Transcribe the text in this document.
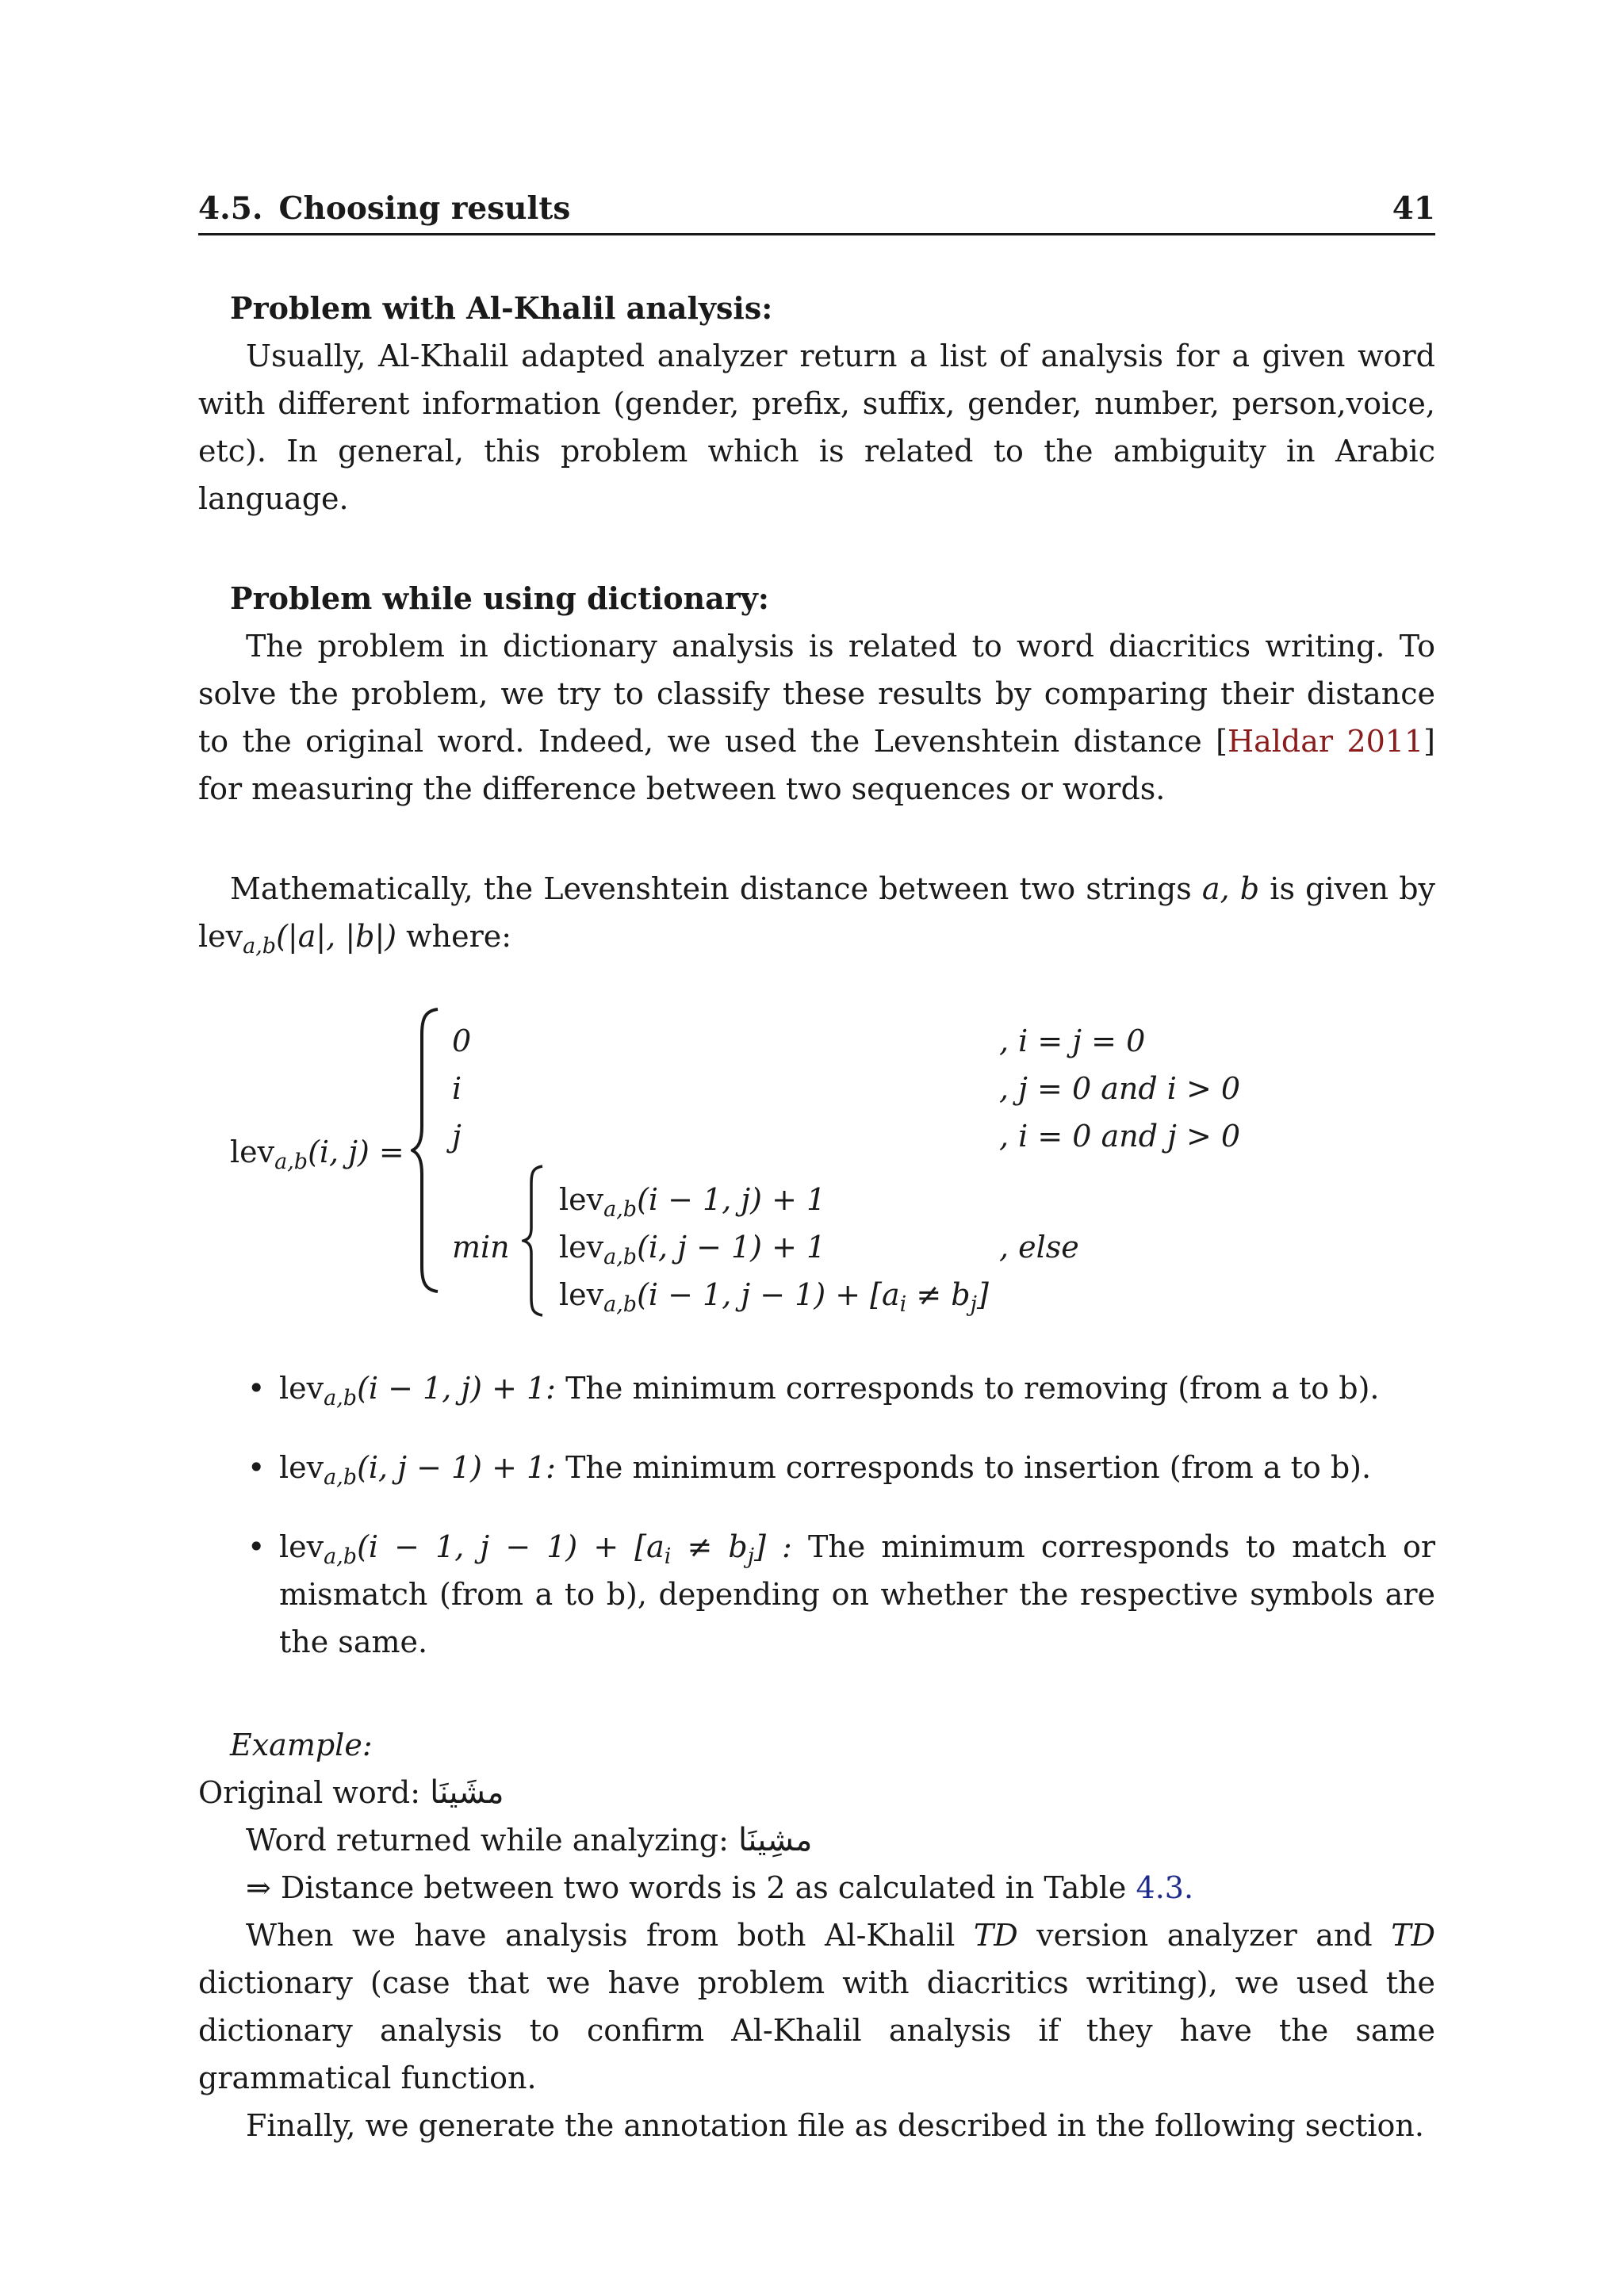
4.5. Choosing results	41
Problem with Al-Khalil analysis:

Usually, Al-Khalil adapted analyzer return a list of analysis for a given word with different information (gender, prefix, suffix, gender, number, person,voice, etc). In general, this problem which is related to the ambiguity in Arabic language.

Problem while using dictionary:

The problem in dictionary analysis is related to word diacritics writing. To solve the problem, we try to classify these results by comparing their distance to the original word. Indeed, we used the Levenshtein distance [Haldar 2011] for measuring the difference between two sequences or words.

Mathematically, the Levenshtein distance between two strings a, b is given by lev$_{a,b}$(|a|, |b|) where:

lev$_{a,b}$(i, j) =
0	, i = j = 0
i	, j = 0 and i > 0
j	, i = 0 and j > 0
min
lev$_{a,b}$(i − 1, j) + 1
lev$_{a,b}$(i, j − 1) + 1
lev$_{a,b}$(i − 1, $j - 1) + [a_i \ne b_j]$
, else
• lev$_{a,b}$(i − 1, j) + 1: The minimum corresponds to removing (from a to b).
• lev$_{a,b}$(i, j − 1) + 1: The minimum corresponds to insertion (from a to b).
• lev$_{a,b}$(i − 1, $j - 1) + [a_i \ne b_j]$ : The minimum corresponds to match or mismatch (from a to b), depending on whether the respective symbols are the same.
Example:

Original word: مشَينَا

Word returned while analyzing: مشِينَا

⇒ Distance between two words is 2 as calculated in Table 4.3.

When we have analysis from both Al-Khalil TD version analyzer and TD dictionary (case that we have problem with diacritics writing), we used the dictionary analysis to confirm Al-Khalil analysis if they have the same grammatical function.

Finally, we generate the annotation file as described in the following section.
